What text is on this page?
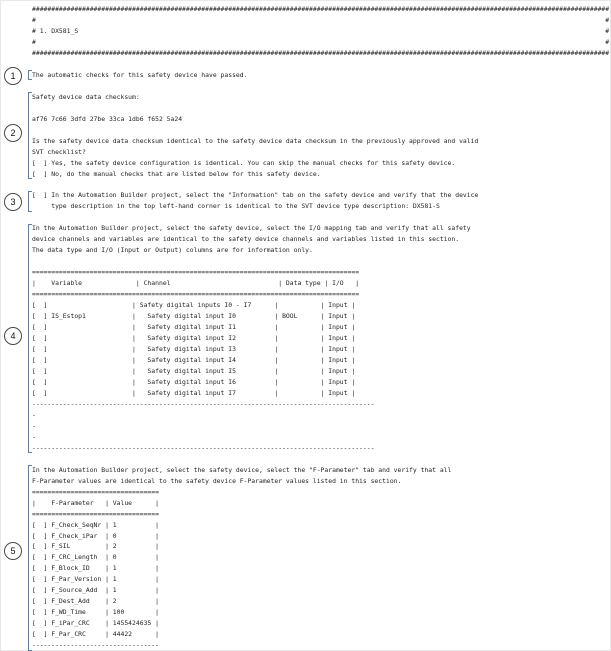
1
2
3
4
5
######################################################################################################################################################
#                                                                                                                                                    #
# 1. DX581_S                                                                                                                                         #
#                                                                                                                                                    #
######################################################################################################################################################
The automatic checks for this safety device have passed.
Safety device data checksum:
af76 7c66 3dfd 27be 33ca 1db6 f652 5a24
Is the safety device data checksum identical to the safety device data checksum in the previously approved and valid
SVT checklist?
[  ] Yes, the safety device configuration is identical. You can skip the manual checks for this safety device.
[  ] No, do the manual checks that are listed below for this safety device.
[  ] In the Automation Builder project, select the "Information" tab on the safety device and verify that the device
type description in the top left-hand corner is identical to the SVT device type description: DX581-S
In the Automation Builder project, select the safety device, select the I/O mapping tab and verify that all safety
device channels and variables are identical to the safety device channels and variables listed in this section.
The data type and I/O (Input or Output) columns are for information only.
=====================================================================================
|    Variable              | Channel                            | Data type | I/O   |
=====================================================================================
[  ]                      | Safety digital inputs I0 - I7      |           | Input |
[  ] IS_Estop1            |   Safety digital input I0          | BOOL      | Input |
[  ]                      |   Safety digital input I1          |           | Input |
[  ]                      |   Safety digital input I2          |           | Input |
[  ]                      |   Safety digital input I3          |           | Input |
[  ]                      |   Safety digital input I4          |           | Input |
[  ]                      |   Safety digital input I5          |           | Input |
[  ]                      |   Safety digital input I6          |           | Input |
[  ]                      |   Safety digital input I7          |           | Input |
-----------------------------------------------------------------------------------------
-
-
-
-----------------------------------------------------------------------------------------
In the Automation Builder project, select the safety device, select the "F-Parameter" tab and verify that all
F-Parameter values are identical to the safety device F-Parameter values listed in this section.
=================================
|    F-Parameter   | Value      |
=================================
[  ] F_Check_SeqNr | 1          |
[  ] F_Check_iPar  | 0          |
[  ] F_SIL         | 2          |
[  ] F_CRC_Length  | 0          |
[  ] F_Block_ID    | 1          |
[  ] F_Par_Version | 1          |
[  ] F_Source_Add  | 1          |
[  ] F_Dest_Add    | 2          |
[  ] F_WD_Time     | 100        |
[  ] F_iPar_CRC    | 1455424635 |
[  ] F_Par_CRC     | 44422      |
---------------------------------
